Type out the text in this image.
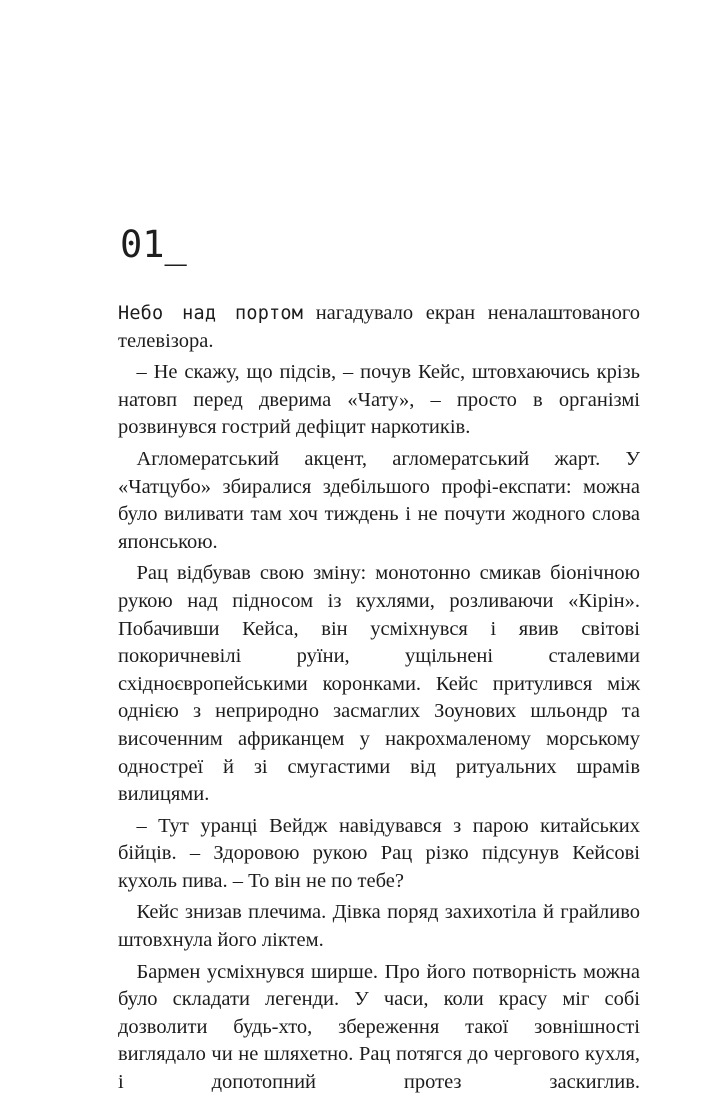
01_

Небо над портом нагадувало екран неналаштованого телевізора.

– Не скажу, що підсів, – почув Кейс, штовхаючись крізь натовп перед дверима «Чату», – просто в організмі розвинувся гострий дефіцит наркотиків.

Агломератський акцент, агломератський жарт. У «Чатцубо» збиралися здебільшого профі-експати: можна було виливати там хоч тиждень і не почути жодного слова японською.

Рац відбував свою зміну: монотонно смикав біонічною рукою над підносом із кухлями, розливаючи «Кірін». Побачивши Кейса, він усміхнувся і явив світові покоричневілі руїни, ущільнені сталевими східноєвропейськими коронками. Кейс притулився між однією з неприродно засмаглих Зоунових шльондр та височенним африканцем у накрохмаленому морському одностреї й зі смугастими від ритуальних шрамів вилицями.

– Тут уранці Вейдж навідувався з парою китайських бійців. – Здоровою рукою Рац різко підсунув Кейсові кухоль пива. – То він не по тебе?

Кейс знизав плечима. Дівка поряд захихотіла й грайливо штовхнула його ліктем.

Бармен усміхнувся ширше. Про його потворність можна було складати легенди. У часи, коли красу міг собі дозволити будь-хто, збереження такої зовнішності виглядало чи не шляхетно. Рац потягся до чергового кухля, і допотопний протез заскиглив.
